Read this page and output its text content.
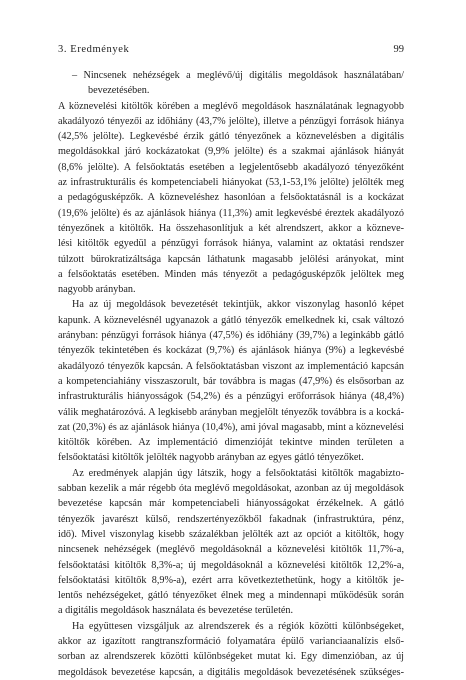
3. Eredmények	99
– Nincsenek nehézségek a meglévő/új digitális megoldások használatában/
bevezetésében.
A köznevelési kitöltők körében a meglévő megoldások használatának legnagyobb
akadályozó tényezői az időhiány (43,7% jelölte), illetve a pénzügyi források hiánya
(42,5% jelölte). Legkevésbé érzik gátló tényezőnek a köznevelésben a digitális
megoldásokkal járó kockázatokat (9,9% jelölte) és a szakmai ajánlások hiányát
(8,6% jelölte). A felsőoktatás esetében a legjelentősebb akadályozó tényezőként
az infrastrukturális és kompetenciabeli hiányokat (53,1-53,1% jelölte) jelölték meg
a pedagógusképzők. A közneveléshez hasonlóan a felsőoktatásnál is a kockázat
(19,6% jelölte) és az ajánlások hiánya (11,3%) amit legkevésbé éreztek akadályozó
tényezőnek a kitöltők. Ha összehasonlítjuk a két alrendszert, akkor a közneve-
lési kitöltők egyedül a pénzügyi források hiánya, valamint az oktatási rendszer
túlzott bürokratizáltsága kapcsán láthatunk magasabb jelölési arányokat, mint
a felsőoktatás esetében. Minden más tényezőt a pedagógusképzők jelöltek meg
nagyobb arányban.
Ha az új megoldások bevezetését tekintjük, akkor viszonylag hasonló képet
kapunk. A köznevelésnél ugyanazok a gátló tényezők emelkednek ki, csak változó
arányban: pénzügyi források hiánya (47,5%) és időhiány (39,7%) a leginkább gátló
tényezők tekintetében és kockázat (9,7%) és ajánlások hiánya (9%) a legkevésbé
akadályozó tényezők kapcsán. A felsőoktatásban viszont az implementáció kapcsán
a kompetenciahiány visszaszorult, bár továbbra is magas (47,9%) és elsősorban az
infrastrukturális hiányosságok (54,2%) és a pénzügyi erőforrások hiánya (48,4%)
válik meghatározóvá. A legkisebb arányban megjelölt tényezők továbbra is a kocká-
zat (20,3%) és az ajánlások hiánya (10,4%), ami jóval magasabb, mint a köznevelési
kitöltők körében. Az implementáció dimenzióját tekintve minden területen a
felsőoktatási kitöltők jelölték nagyobb arányban az egyes gátló tényezőket.
Az eredmények alapján úgy látszik, hogy a felsőoktatási kitöltők magabizto-
sabban kezelik a már régebb óta meglévő megoldásokat, azonban az új megoldások
bevezetése kapcsán már kompetenciabeli hiányosságokat érzékelnek. A gátló
tényezők javarészt külső, rendszertényezőkből fakadnak (infrastruktúra, pénz,
idő). Mivel viszonylag kisebb százalékban jelölték azt az opciót a kitöltők, hogy
nincsenek nehézségek (meglévő megoldásoknál a köznevelési kitöltők 11,7%-a,
felsőoktatási kitöltők 8,3%-a; új megoldásoknál a köznevelési kitöltők 12,2%-a,
felsőoktatási kitöltők 8,9%-a), ezért arra következtethetünk, hogy a kitöltők je-
lentős nehézségeket, gátló tényezőket élnek meg a mindennapi működésük során
a digitális megoldások használata és bevezetése területén.
Ha együttesen vizsgáljuk az alrendszerek és a régiók közötti különbségeket,
akkor az igazított rangtranszformáció folyamatára épülő varianciaanalízis első-
sorban az alrendszerek közötti különbségeket mutat ki. Egy dimenzióban, az új
megoldások bevezetése kapcsán, a digitális megoldások bevezetésének szükséges-
